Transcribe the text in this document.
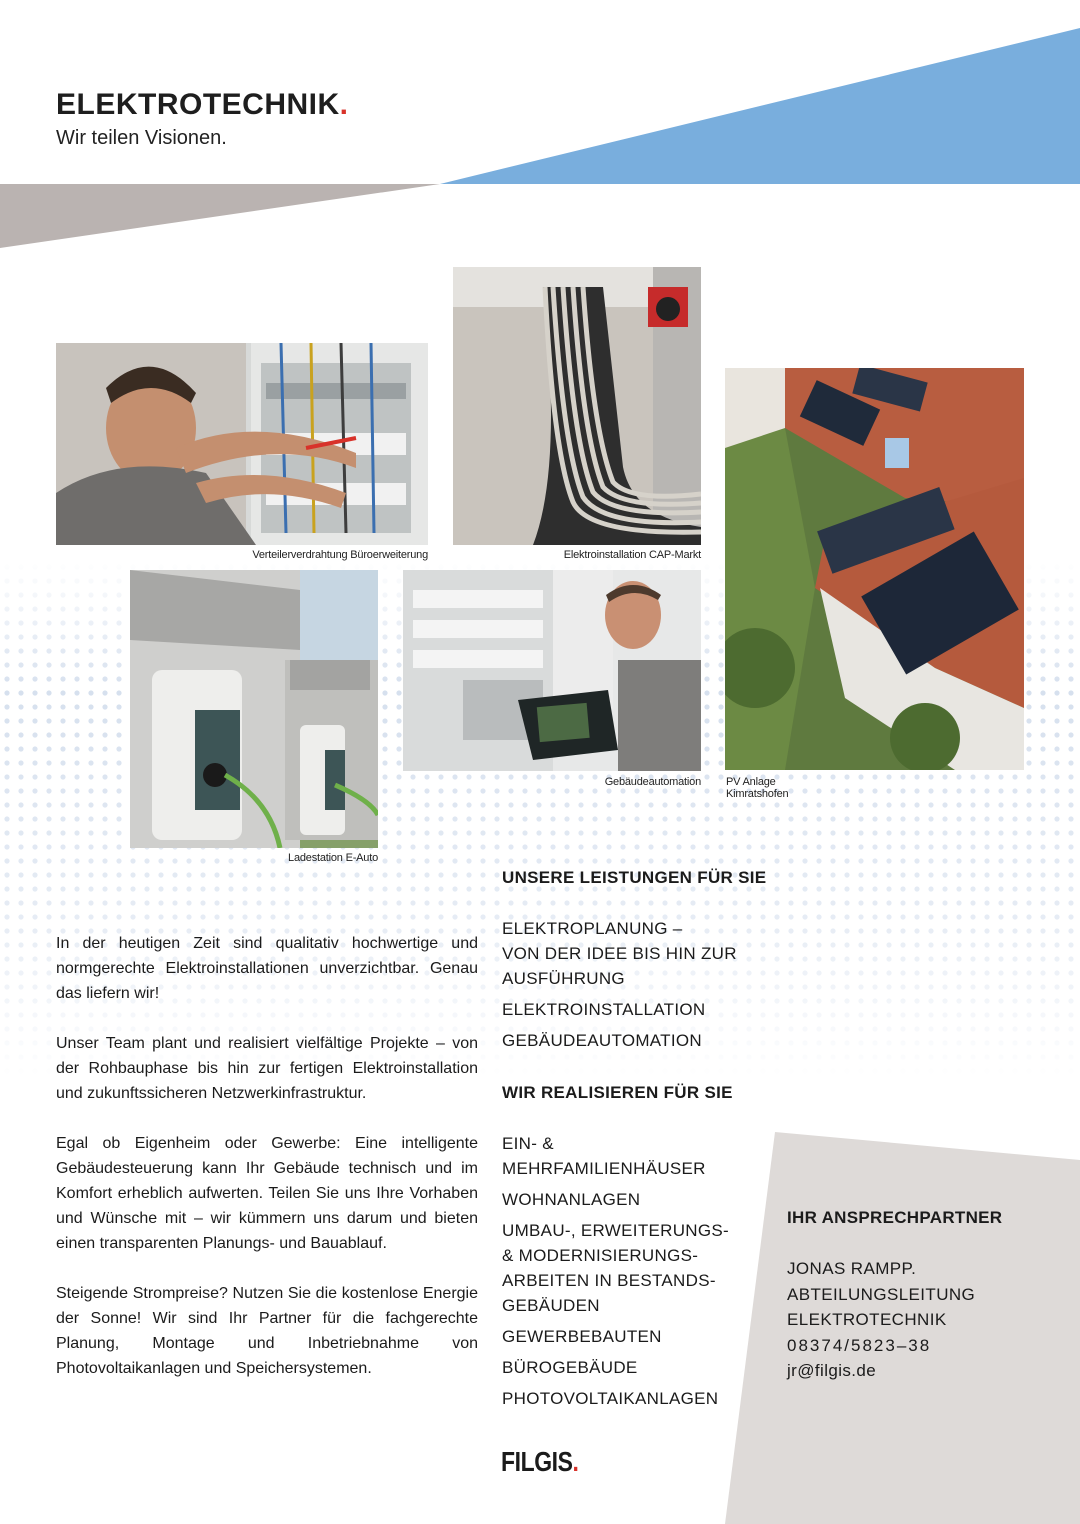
ELEKTROTECHNIK.
Wir teilen Visionen.
Verteilerverdrahtung Büroerweiterung	Elektroinstallation CAP-Markt
PV Anlage Kimratshofen
Ladestation E-Auto
Gebäudeautomation

In der heutigen Zeit sind qualitativ hochwertige und normgerechte Elektroinstallationen unverzichtbar. Genau das liefern wir!

Unser Team plant und realisiert vielfältige Projekte – von der Rohbauphase bis hin zur fertigen Elektroinstallation und zukunftssicheren Netzwerkinfrastruktur.

Egal ob Eigenheim oder Gewerbe: Eine intelligente Gebäudesteuerung kann Ihr Gebäude technisch und im Komfort erheblich aufwerten. Teilen Sie uns Ihre Vorhaben und Wünsche mit – wir kümmern uns darum und bieten einen transparenten Planungs- und Bauablauf.

Steigende Strompreise? Nutzen Sie die kostenlose Energie der Sonne! Wir sind Ihr Partner für die fachgerechte Planung, Montage und Inbetriebnahme von Photovoltaikanlagen und Speichersystemen.

UNSERE LEISTUNGEN FÜR SIE
ELEKTROPLANUNG –
VON DER IDEE BIS HIN ZUR
AUSFÜHRUNG
ELEKTROINSTALLATION
GEBÄUDEAUTOMATION
WIR REALISIEREN FÜR SIE
EIN- & MEHRFAMILIENHÄUSER
WOHNANLAGEN
UMBAU-, ERWEITERUNGS-
& MODERNISIERUNGS-
ARBEITEN IN BESTANDS-
GEBÄUDEN
GEWERBEBAUTEN
BÜROGEBÄUDE
PHOTOVOLTAIKANLAGEN
IHR ANSPRECHPARTNER
JONAS RAMPP.
ABTEILUNGSLEITUNG
ELEKTROTECHNIK
08374/5823–38
jr@filgis.de
FILGIS.
